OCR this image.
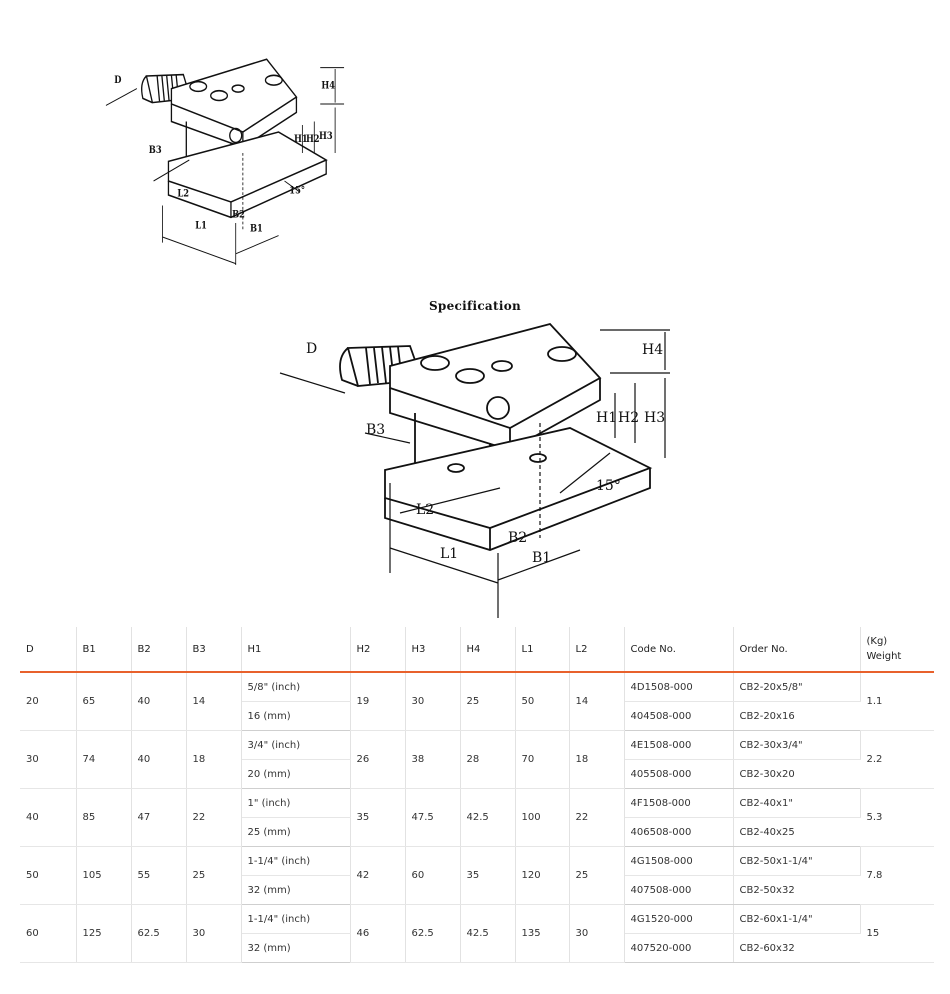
D	H4
H1
H2 H3
B3
L2	15°
B2
L1	B1
Specification
D	H4
H1 H2 H3
B3
L2
15°
B2
L1	B1
D	B1	B2	B3	H1	H2	H3	H4	L1	L2	Code No.	Order No.	(Kg)
Weight
20	65	40	14	5/8" (inch)	19	30	25	50	14	4D1508-000	CB2-20x5/8"	1.1
				16 (mm)						404508-000	CB2-20x16	
30	74	40	18	3/4" (inch)	26	38	28	70	18	4E1508-000	CB2-30x3/4"	2.2
				20 (mm)						405508-000	CB2-30x20	
40	85	47	22	1" (inch)	35	47.5	42.5	100	22	4F1508-000	CB2-40x1"	5.3
				25 (mm)						406508-000	CB2-40x25	
50	105	55	25	1-1/4" (inch)	42	60	35	120	25	4G1508-000	CB2-50x1-1/4"	7.8
				32 (mm)						407508-000	CB2-50x32	
60	125	62.5	30	1-1/4" (inch)	46	62.5	42.5	135	30	4G1520-000	CB2-60x1-1/4"	15
				32 (mm)						407520-000	CB2-60x32	
